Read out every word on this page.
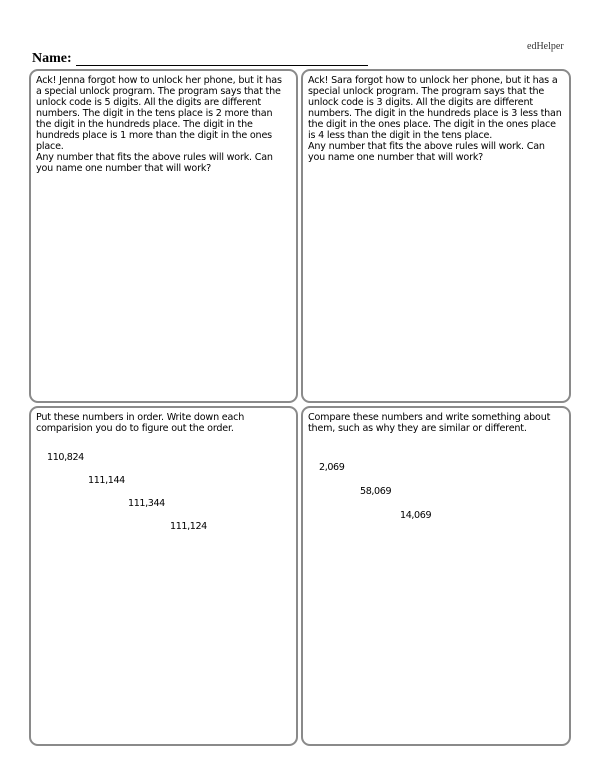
edHelper
Name:
Ack! Jenna forgot how to unlock her phone, but it has a special unlock program. The program says that the unlock code is 5 digits. All the digits are different numbers. The digit in the tens place is 2 more than the digit in the hundreds place. The digit in the hundreds place is 1 more than the digit in the ones place.
Any number that fits the above rules will work. Can you name one number that will work?
Ack! Sara forgot how to unlock her phone, but it has a special unlock program. The program says that the unlock code is 3 digits. All the digits are different numbers. The digit in the hundreds place is 3 less than the digit in the ones place. The digit in the ones place is 4 less than the digit in the tens place.
Any number that fits the above rules will work. Can you name one number that will work?
Put these numbers in order. Write down each comparision you do to figure out the order.
110,824
111,144
111,344
111,124
Compare these numbers and write something about them, such as why they are similar or different.
2,069
58,069
14,069
